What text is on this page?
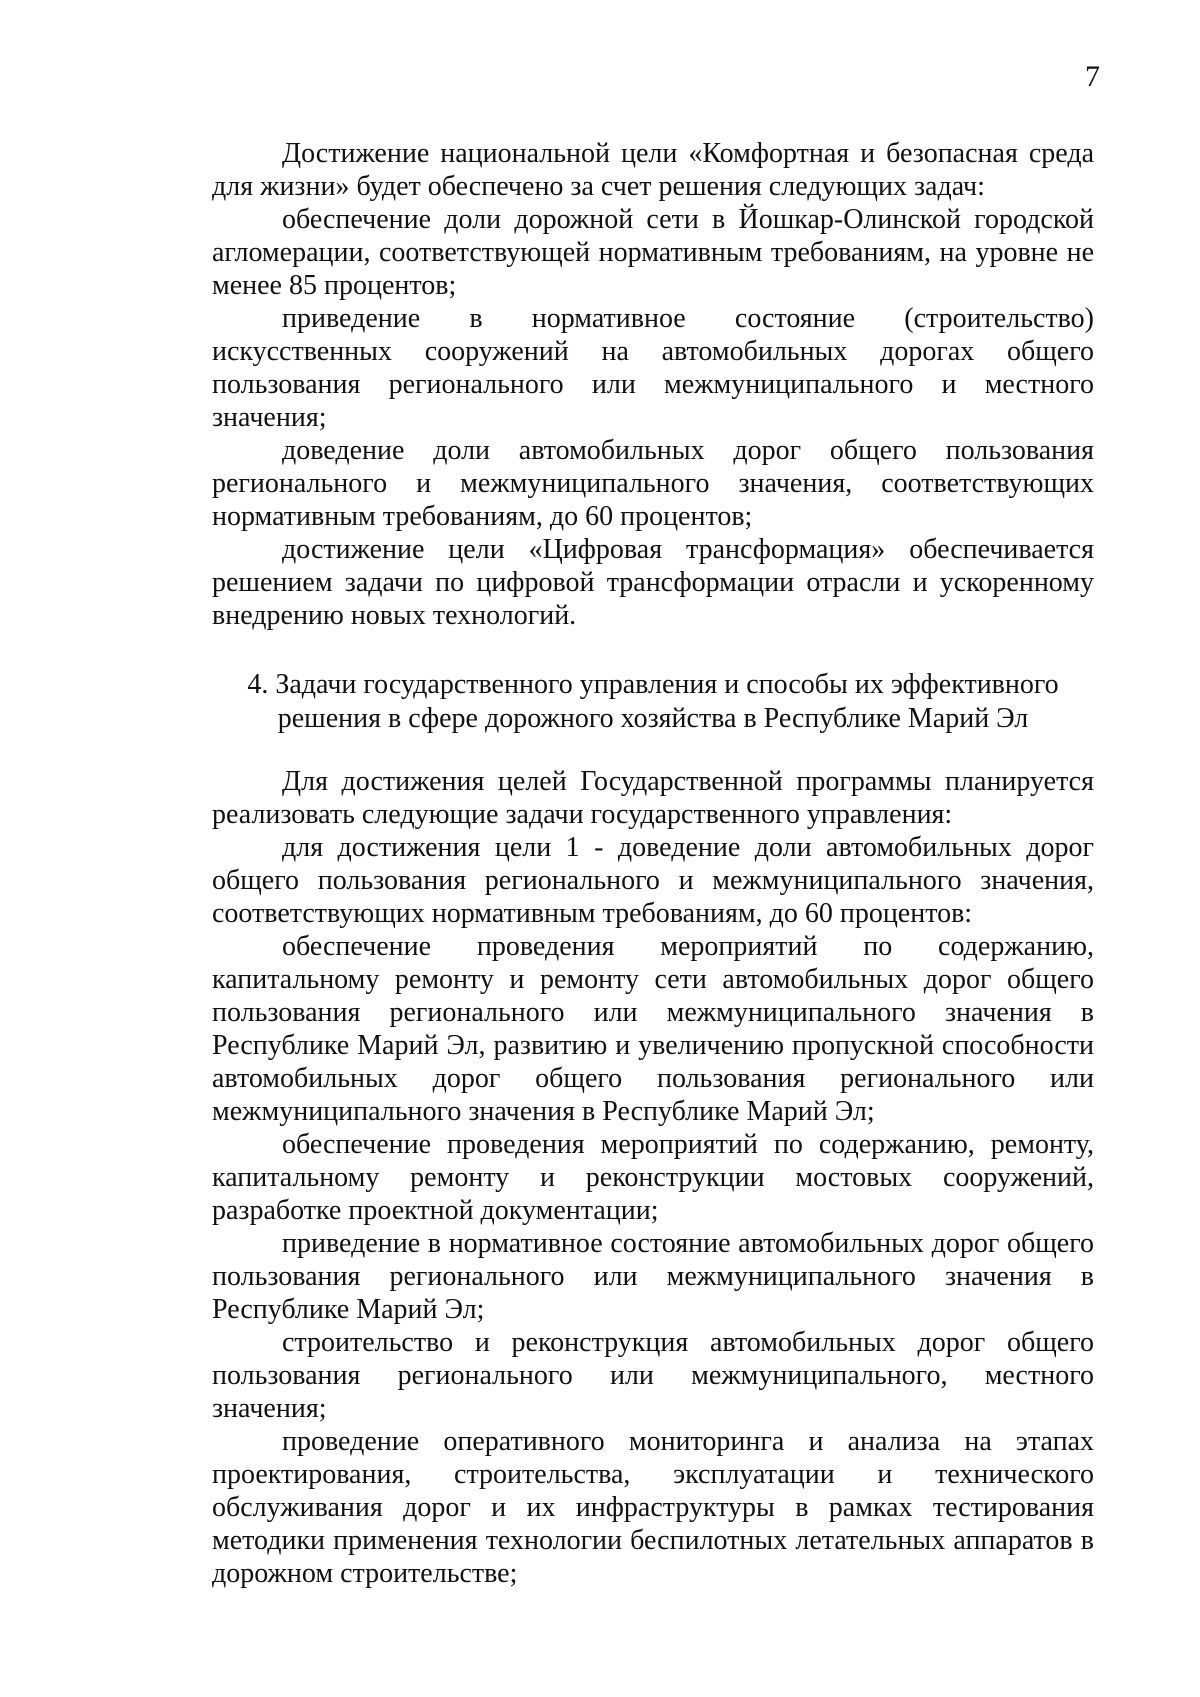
7

Достижение национальной цели «Комфортная и безопасная среда для жизни» будет обеспечено за счет решения следующих задач:

обеспечение доли дорожной сети в Йошкар-Олинской городской агломерации, соответствующей нормативным требованиям, на уровне не менее 85 процентов;

приведение в нормативное состояние (строительство) искусственных сооружений на автомобильных дорогах общего пользования регионального или межмуниципального и местного значения;

доведение доли автомобильных дорог общего пользования регионального и межмуниципального значения, соответствующих нормативным требованиям, до 60 процентов;

достижение цели «Цифровая трансформация» обеспечивается решением задачи по цифровой трансформации отрасли и ускоренному внедрению новых технологий.

4. Задачи государственного управления и способы их эффективного
решения в сфере дорожного хозяйства в Республике Марий Эл

Для достижения целей Государственной программы планируется реализовать следующие задачи государственного управления:

для достижения цели 1 - доведение доли автомобильных дорог общего пользования регионального и межмуниципального значения, соответствующих нормативным требованиям, до 60 процентов:

обеспечение проведения мероприятий по содержанию, капитальному ремонту и ремонту сети автомобильных дорог общего пользования регионального или межмуниципального значения в Республике Марий Эл, развитию и увеличению пропускной способности автомобильных дорог общего пользования регионального или межмуниципального значения в Республике Марий Эл;

обеспечение проведения мероприятий по содержанию, ремонту, капитальному ремонту и реконструкции мостовых сооружений, разработке проектной документации;

приведение в нормативное состояние автомобильных дорог общего пользования регионального или межмуниципального значения в Республике Марий Эл;

строительство и реконструкция автомобильных дорог общего пользования регионального или межмуниципального, местного значения;

проведение оперативного мониторинга и анализа на этапах проектирования, строительства, эксплуатации и технического обслуживания дорог и их инфраструктуры в рамках тестирования методики применения технологии беспилотных летательных аппаратов в дорожном строительстве;
